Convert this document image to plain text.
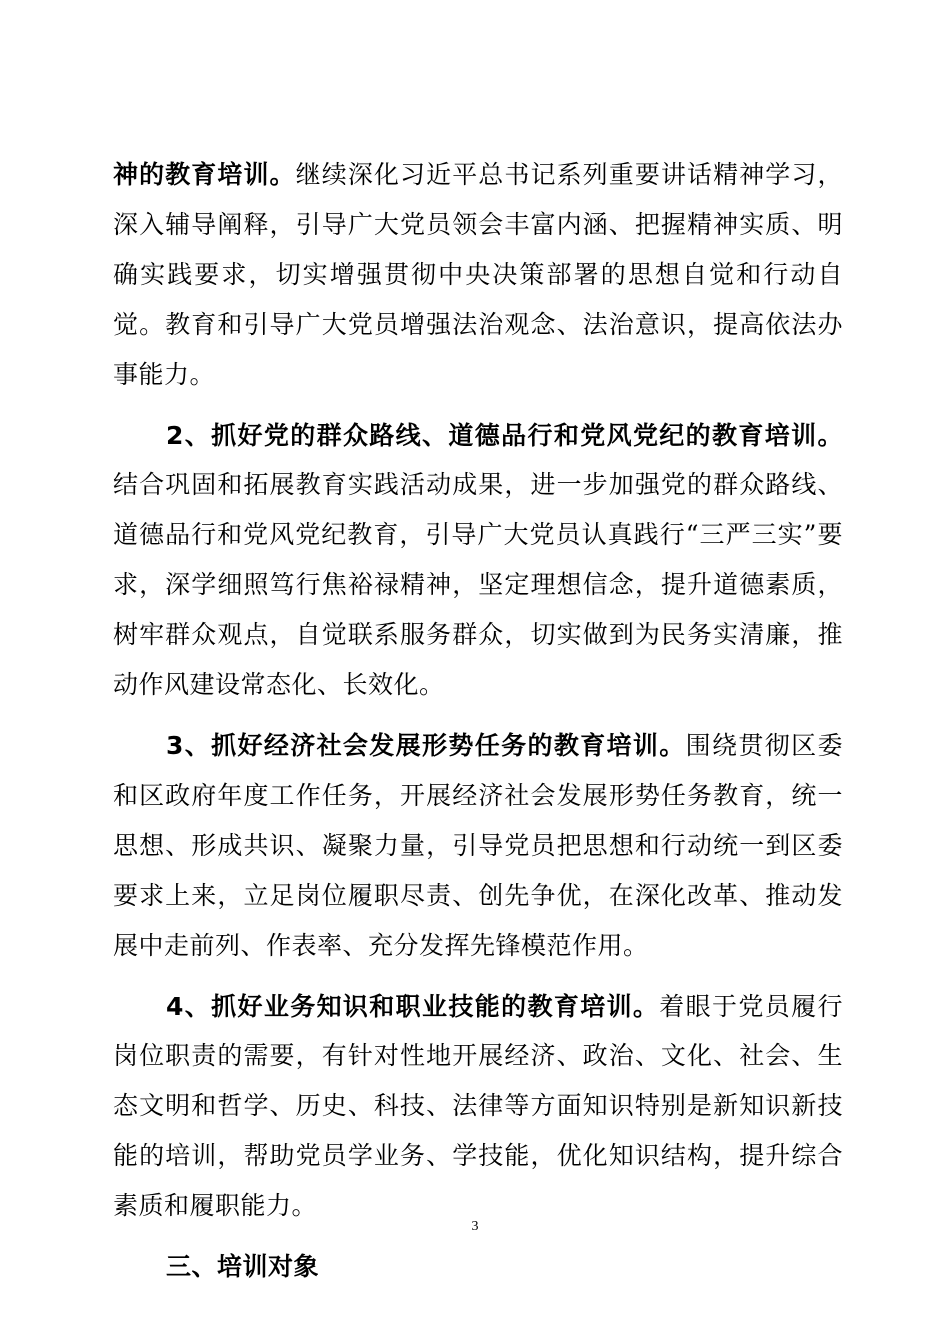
神的教育培训。继续深化习近平总书记系列重要讲话精神学习，深入辅导阐释，引导广大党员领会丰富内涵、把握精神实质、明确实践要求，切实增强贯彻中央决策部署的思想自觉和行动自觉。教育和引导广大党员增强法治观念、法治意识，提高依法办事能力。

2、抓好党的群众路线、道德品行和党风党纪的教育培训。结合巩固和拓展教育实践活动成果，进一步加强党的群众路线、道德品行和党风党纪教育，引导广大党员认真践行“三严三实”要求，深学细照笃行焦裕禄精神，坚定理想信念，提升道德素质，树牢群众观点，自觉联系服务群众，切实做到为民务实清廉，推动作风建设常态化、长效化。

3、抓好经济社会发展形势任务的教育培训。围绕贯彻区委和区政府年度工作任务，开展经济社会发展形势任务教育，统一思想、形成共识、凝聚力量，引导党员把思想和行动统一到区委要求上来，立足岗位履职尽责、创先争优，在深化改革、推动发展中走前列、作表率、充分发挥先锋模范作用。

4、抓好业务知识和职业技能的教育培训。着眼于党员履行岗位职责的需要，有针对性地开展经济、政治、文化、社会、生态文明和哲学、历史、科技、法律等方面知识特别是新知识新技能的培训，帮助党员学业务、学技能，优化知识结构，提升综合素质和履职能力。

三、培训对象

3
